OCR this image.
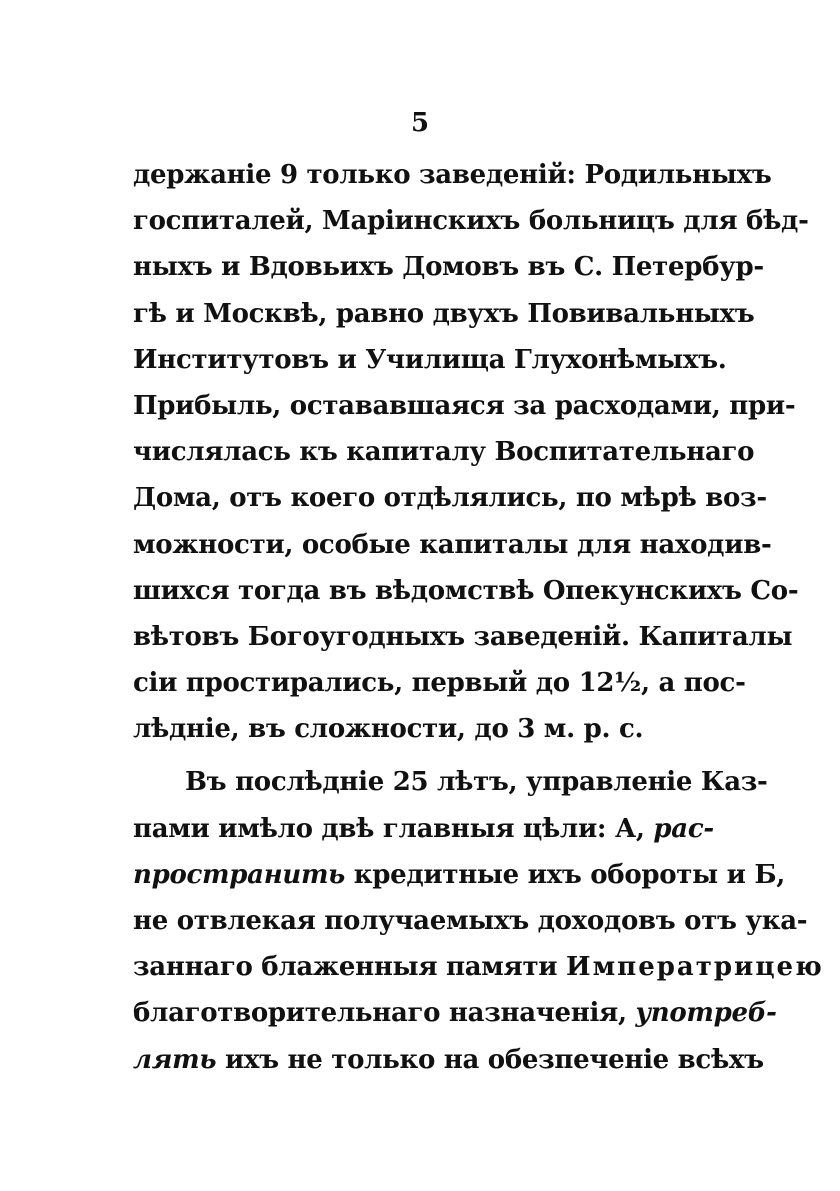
5
держанiе 9 только заведенiй: Родильныхъ
госпиталей, Марiинскихъ больницъ для бѣд-
ныхъ и Вдовьихъ Домовъ въ С. Петербур-
гѣ и Москвѣ, равно двухъ Повивальныхъ
Институтовъ и Училища Глухонѣмыхъ.
Прибыль, остававшаяся за расходами, при-
числялась къ капиталу Воспитательнаго
Дома, отъ коего отдѣлялись, по мѣрѣ воз-
можности, особые капиталы для находив-
шихся тогда въ вѣдомствѣ Опекунскихъ Со-
вѣтовъ Богоугодныхъ заведенiй. Капиталы
сiи простирались, первый до 12½, а пос-
лѣднiе, въ сложности, до 3 м. р. с.
Въ послѣднiе 25 лѣтъ, управленiе Каз-
пами имѣло двѣ главныя цѣли: А, рас-
пространить кредитные ихъ обороты и Б,
не отвлекая получаемыхъ доходовъ отъ ука-
заннаго блаженныя памяти Императрицею
благотворительнаго назначенiя, употреб-
лять ихъ не только на обезпеченiе всѣхъ
